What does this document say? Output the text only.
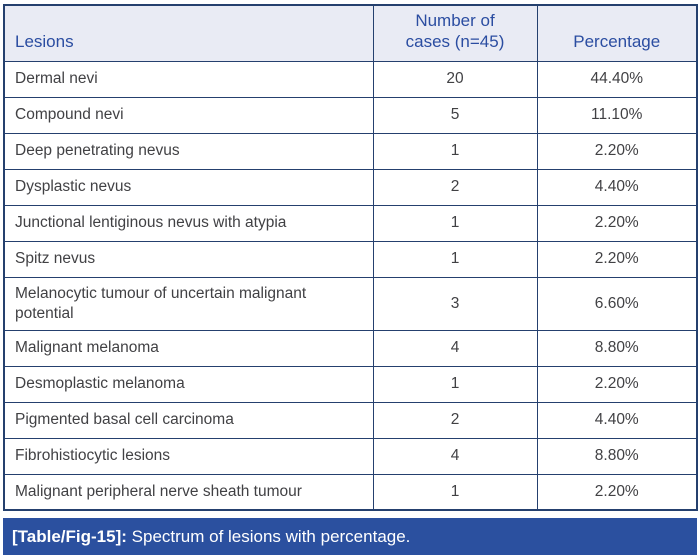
Lesions	Number of cases (n=45)	Percentage
Dermal nevi	20	44.40%
Compound nevi	5	11.10%
Deep penetrating nevus	1	2.20%
Dysplastic nevus	2	4.40%
Junctional lentiginous nevus with atypia	1	2.20%
Spitz nevus	1	2.20%
Melanocytic tumour of uncertain malignant potential	3	6.60%
Malignant melanoma	4	8.80%
Desmoplastic melanoma	1	2.20%
Pigmented basal cell carcinoma	2	4.40%
Fibrohistiocytic lesions	4	8.80%
Malignant peripheral nerve sheath tumour	1	2.20%
[Table/Fig-15]: Spectrum of lesions with percentage.
